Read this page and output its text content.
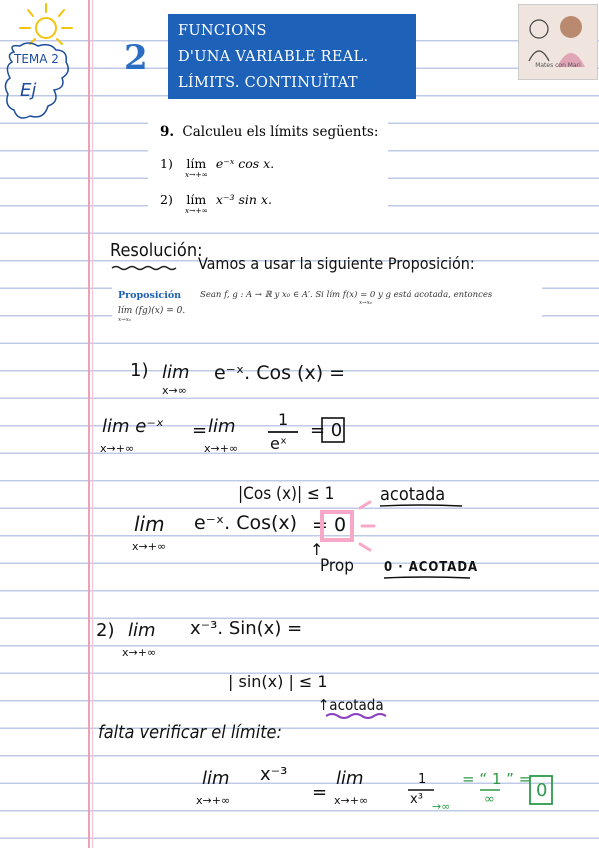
TEMA 2
Ej
2
FUNCIONS
D'UNA VARIABLE REAL.
LÍMITS. CONTINUÏTAT
Mates con Mari
9. Calculeu els límits següents:
1) lím
x→+∞
e⁻ˣ cos x.
2) lím
x→+∞
x⁻³ sin x.
Resolución:
Vamos a usar la siguiente Proposición:
Proposición Sean f, g : A → ℝ y x₀ ∈ A′. Si lím f(x) = 0 y g está acotada, entonces
x→x₀
lím (fg)(x) = 0.
x→x₀
1) lim
x→∞
e⁻ˣ. Cos (x) =
lim e⁻ˣ
x→+∞
= lim
x→+∞
1
eˣ
= 0
|Cos (x)| ≤ 1	acotada
lim
x→+∞
e⁻ˣ. Cos(x) = 0
↑
Prop 0 · ACOTADA
2) lim
x→+∞
x⁻³. Sin(x) =
| sin(x) | ≤ 1
↑acotada
falta verificar el límite:
lim
x→+∞
x⁻³
=
lim
x→+∞
1
x³ →∞
= “ 1 ” =
∞ 0
